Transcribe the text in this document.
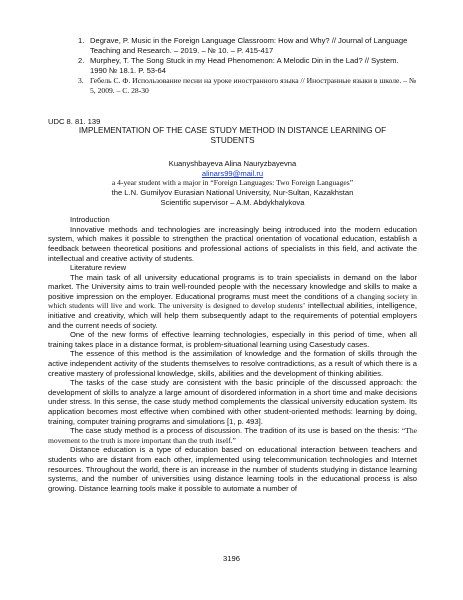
1. Degrave, P. Music in the Foreign Language Classroom: How and Why? // Journal of Language Teaching and Research. – 2019. – № 10. – P. 415-417
2. Murphey, T. The Song Stuck in my Head Phenomenon: A Melodic Din in the Lad? // System. 1990 № 18.1. P. 53-64
3. Гебель С. Ф. Использование песни на уроке иностранного языка // Иностранные языки в школе. – № 5, 2009. – С. 28-30
UDC 8. 81. 139
IMPLEMENTATION OF THE CASE STUDY METHOD IN DISTANCE LEARNING OF STUDENTS
Kuanyshbayeva Alina Nauryzbayevna
alinars99@mail.ru
a 4-year student with a major in “Foreign Languages: Two Foreign Languages”
the L.N. Gumilyov Eurasian National University, Nur-Sultan, Kazakhstan
Scientific supervisor – A.M. Abdykhalykova
Introduction

Innovative methods and technologies are increasingly being introduced into the modern education system, which makes it possible to strengthen the practical orientation of vocational education, establish a feedback between theoretical positions and professional actions of specialists in this field, and activate the intellectual and creative activity of students.

Literature review

The main task of all university educational programs is to train specialists in demand on the labor market. The University aims to train well-rounded people with the necessary knowledge and skills to make a positive impression on the employer. Educational programs must meet the conditions of a changing society in which students will live and work. The university is designed to develop students’ intellectual abilities, intelligence, initiative and creativity, which will help them subsequently adapt to the requirements of potential employers and the current needs of society.

One of the new forms of effective learning technologies, especially in this period of time, when all training takes place in a distance format, is problem-situational learning using Casestudy cases.

The essence of this method is the assimilation of knowledge and the formation of skills through the active independent activity of the students themselves to resolve contradictions, as a result of which there is a creative mastery of professional knowledge, skills, abilities and the development of thinking abilities.

The tasks of the case study are consistent with the basic principle of the discussed approach: the development of skills to analyze a large amount of disordered information in a short time and make decisions under stress. In this sense, the case study method complements the classical university education system. Its application becomes most effective when combined with other student-oriented methods: learning by doing, training, computer training programs and simulations [1, p. 493].

The case study method is a process of discussion. The tradition of its use is based on the thesis: “The movement to the truth is more important than the truth itself.”

Distance education is a type of education based on educational interaction between teachers and students who are distant from each other, implemented using telecommunication technologies and Internet resources. Throughout the world, there is an increase in the number of students studying in distance learning systems, and the number of universities using distance learning tools in the educational process is also growing. Distance learning tools make it possible to automate a number of

3196
